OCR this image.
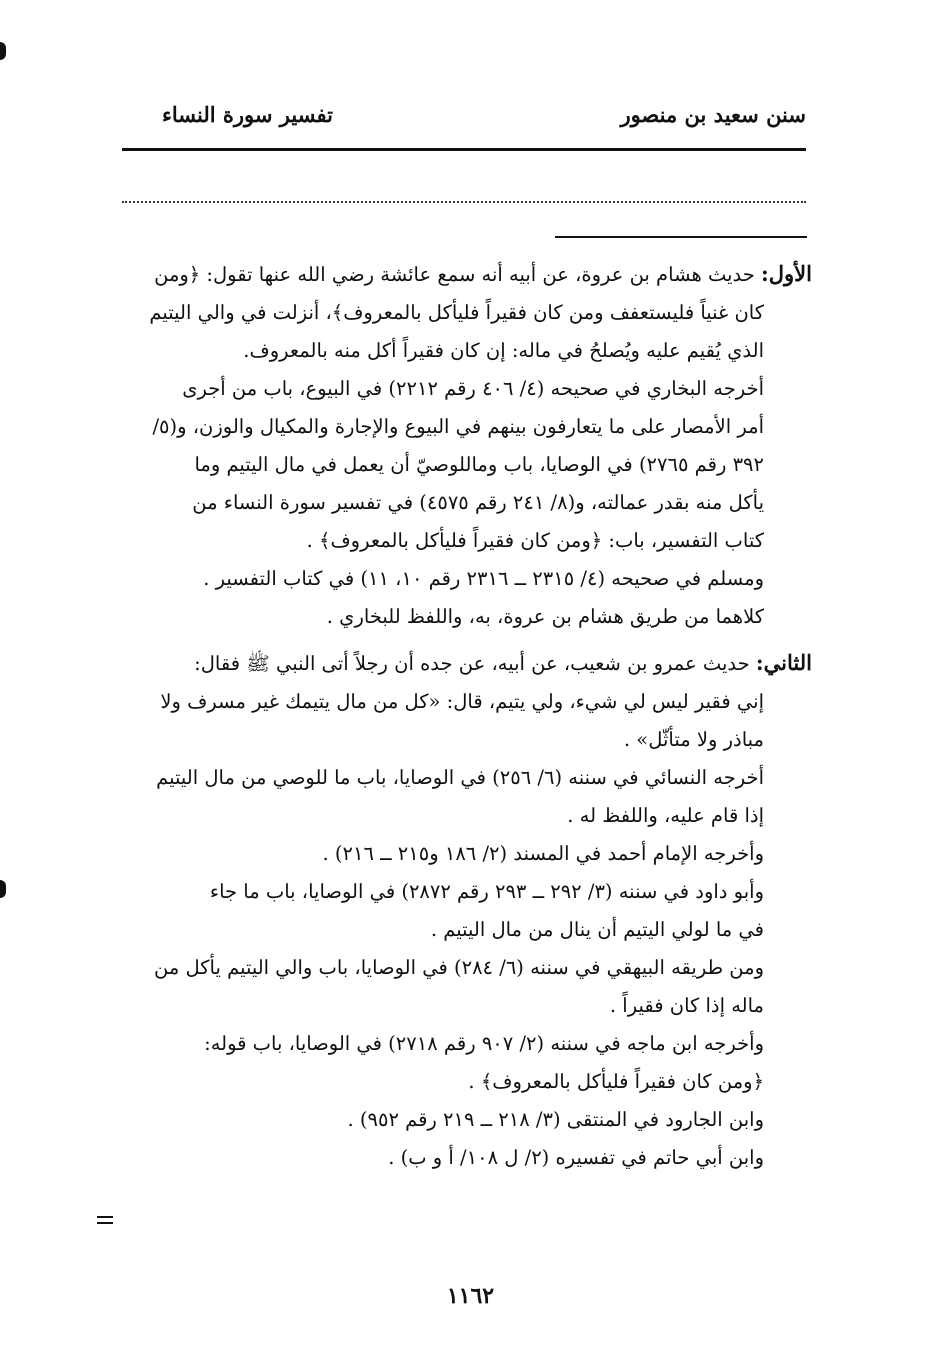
سنن سعيد بن منصور
تفسير سورة النساء
الأول: حديث هشام بن عروة، عن أبيه أنه سمع عائشة رضي الله عنها تقول: ﴿ومن
كان غنياً فليستعفف ومن كان فقيراً فليأكل بالمعروف﴾، أنزلت في والي اليتيم
الذي يُقيم عليه ويُصلحُ في ماله: إن كان فقيراً أكل منه بالمعروف.
أخرجه البخاري في صحيحه (٤/ ٤٠٦ رقم ٢٢١٢) في البيوع، باب من أجرى
أمر الأمصار على ما يتعارفون بينهم في البيوع والإجارة والمكيال والوزن، و(٥/
٣٩٢ رقم ٢٧٦٥) في الوصايا، باب وماللوصيّ أن يعمل في مال اليتيم وما
يأكل منه بقدر عمالته، و(٨/ ٢٤١ رقم ٤٥٧٥) في تفسير سورة النساء من
كتاب التفسير، باب: ﴿ومن كان فقيراً فليأكل بالمعروف﴾ .
ومسلم في صحيحه (٤/ ٢٣١٥ ــ ٢٣١٦ رقم ١٠، ١١) في كتاب التفسير .
كلاهما من طريق هشام بن عروة، به، واللفظ للبخاري .
الثاني: حديث عمرو بن شعيب، عن أبيه، عن جده أن رجلاً أتى النبي ﷺ فقال:
إني فقير ليس لي شيء، ولي يتيم، قال: «كل من مال يتيمك غير مسرف ولا
مباذر ولا متأثّل» .
أخرجه النسائي في سننه (٦/ ٢٥٦) في الوصايا، باب ما للوصي من مال اليتيم
إذا قام عليه، واللفظ له .
وأخرجه الإمام أحمد في المسند (٢/ ١٨٦ و٢١٥ ــ ٢١٦) .
وأبو داود في سننه (٣/ ٢٩٢ ــ ٢٩٣ رقم ٢٨٧٢) في الوصايا، باب ما جاء
في ما لولي اليتيم أن ينال من مال اليتيم .
ومن طريقه البيهقي في سننه (٦/ ٢٨٤) في الوصايا، باب والي اليتيم يأكل من
ماله إذا كان فقيراً .
وأخرجه ابن ماجه في سننه (٢/ ٩٠٧ رقم ٢٧١٨) في الوصايا، باب قوله:
﴿ومن كان فقيراً فليأكل بالمعروف﴾ .
وابن الجارود في المنتقى (٣/ ٢١٨ ــ ٢١٩ رقم ٩٥٢) .
وابن أبي حاتم في تفسيره (٢/ ل ١٠٨/ أ و ب) .
١١٦٢
